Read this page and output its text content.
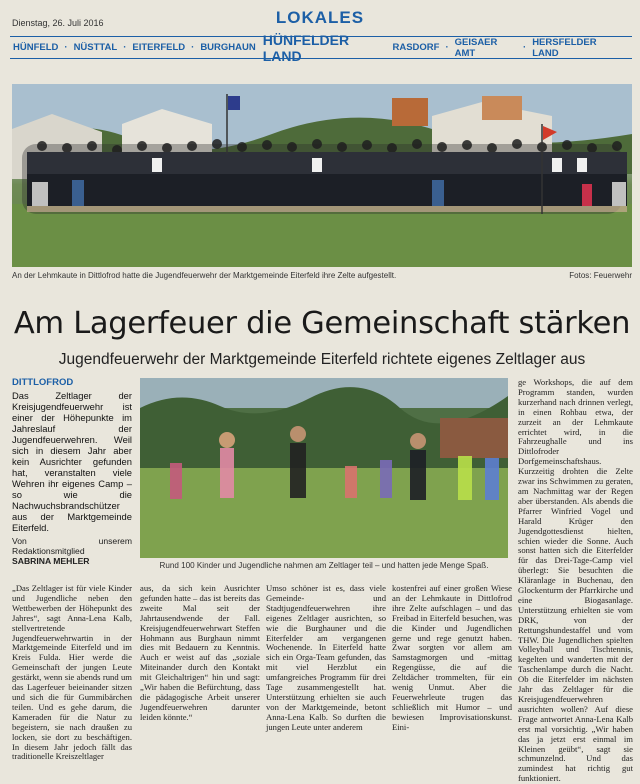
Dienstag, 26. Juli 2016	LOKALES
HÜNFELD · NÜSTTAL · EITERFELD · BURGHAUN HÜNFELDER LAND	RASDORF · GEISAER AMT	· HERSFELDER LAND
An der Lehmkaute in Dittlofrod hatte die Jugendfeuerwehr der Marktgemeinde Eiterfeld ihre Zelte aufgestellt.	Fotos: Feuerwehr
Am Lagerfeuer die Gemeinschaft stärken
Jugendfeuerwehr der Marktgemeinde Eiterfeld richtete eigenes Zeltlager aus
DITTLOFROD

Das Zeltlager der Kreisjugendfeuerwehr ist einer der Höhepunkte im Jahreslauf der Jugendfeuerwehren. Weil sich in diesem Jahr aber kein Ausrichter gefunden hat, veranstalten viele Wehren ihr eigenes Camp – so wie die Nachwuchsbrandschützer aus der Marktgemeinde Eiterfeld.

Von unserem Redaktionsmitglied
SABRINA MEHLER	Rund 100 Kinder und Jugendliche nahmen am Zeltlager teil – und hatten jede Menge Spaß.

„Das Zeltlager ist für viele Kinder und Jugendliche neben den Wettbewerben der Höhepunkt des Jahres“, sagt Anna-Lena Kalb, stellvertretende Jugendfeuerwehrwartin in der Marktgemeinde Eiterfeld und im Kreis Fulda. Hier werde die Gemeinschaft der jungen Leute gestärkt, wenn sie abends rund um das Lagerfeuer beieinander sitzen und sich die für Gummibärchen teilen. Und es gehe darum, die Kameraden für die Natur zu begeistern, sie nach draußen zu locken, sie dort zu beschäftigen. In diesem Jahr jedoch fällt das traditionelle Kreiszeltlager

aus, da sich kein Ausrichter gefunden hatte – das ist bereits das zweite Mal seit der Jahrtausendwende der Fall. Kreisjugendfeuerwehrwart Steffen Hohmann aus Burghaun nimmt dies mit Bedauern zu Kenntnis. Auch er weist auf das „soziale Miteinander durch den Kontakt mit Gleichaltrigen“ hin und sagt: „Wir haben die Befürchtung, dass die pädagogische Arbeit unserer Jugendfeuerwehren darunter leiden könnte.“

Umso schöner ist es, dass viele Gemeinde- und Stadtjugendfeuerwehren ihre eigenes Zeltlager ausrichten, so wie die Burghauner und die Eiterfelder am vergangenen Wochenende. In Eiterfeld hatte sich ein Orga-Team gefunden, das mit viel Herzblut ein umfangreiches Programm für drei Tage zusammengestellt hat. Unterstützung erhielten sie auch von der Marktgemeinde, betont Anna-Lena Kalb. So durften die jungen Leute unter anderem

kostenfrei auf einer großen Wiese an der Lehmkaute in Dittlofrod ihre Zelte aufschlagen – und das Freibad in Eiterfeld besuchen, was die Kinder und Jugendlichen gerne und rege genutzt haben. Zwar sorgten vor allem am Samstagmorgen und -mittag Regengüsse, die auf die Zeltdächer trommelten, für ein wenig Unmut. Aber die Feuerwehrleute trugen das schließlich mit Humor – und bewiesen Improvisationskunst. Eini-

ge Workshops, die auf dem Programm standen, wurden kurzerhand nach drinnen verlegt, in einen Rohbau etwa, der zurzeit an der Lehmkaute errichtet wird, in die Fahrzeughalle und ins Dittlofroder Dorfgemeinschaftshaus. Kurzzeitig drohten die Zelte zwar ins Schwimmen zu geraten, am Nachmittag war der Regen aber überstanden. Als abends die Pfarrer Winfried Vogel und Harald Krüger den Jugendgottesdienst hielten, schien wieder die Sonne. Auch sonst hatten sich die Eiterfelder für das Drei-Tage-Camp viel überlegt: Sie besuchten die Kläranlage in Buchenau, den Glockenturm der Pfarrkirche und eine Biogasanlage. Unterstützung erhielten sie vom DRK, von der Rettungshundestaffel und vom THW. Die Jugendlichen spielten Volleyball und Tischtennis, kegelten und wanderten mit der Taschenlampe durch die Nacht. Ob die Eiterfelder im nächsten Jahr das Zeltlager für die Kreisjugendfeuerwehren ausrichten wollen? Auf diese Frage antwortet Anna-Lena Kalb erst mal vorsichtig. „Wir haben das ja jetzt erst einmal im Kleinen geübt“, sagt sie schmunzelnd. Und das zumindest hat richtig gut funktioniert.
